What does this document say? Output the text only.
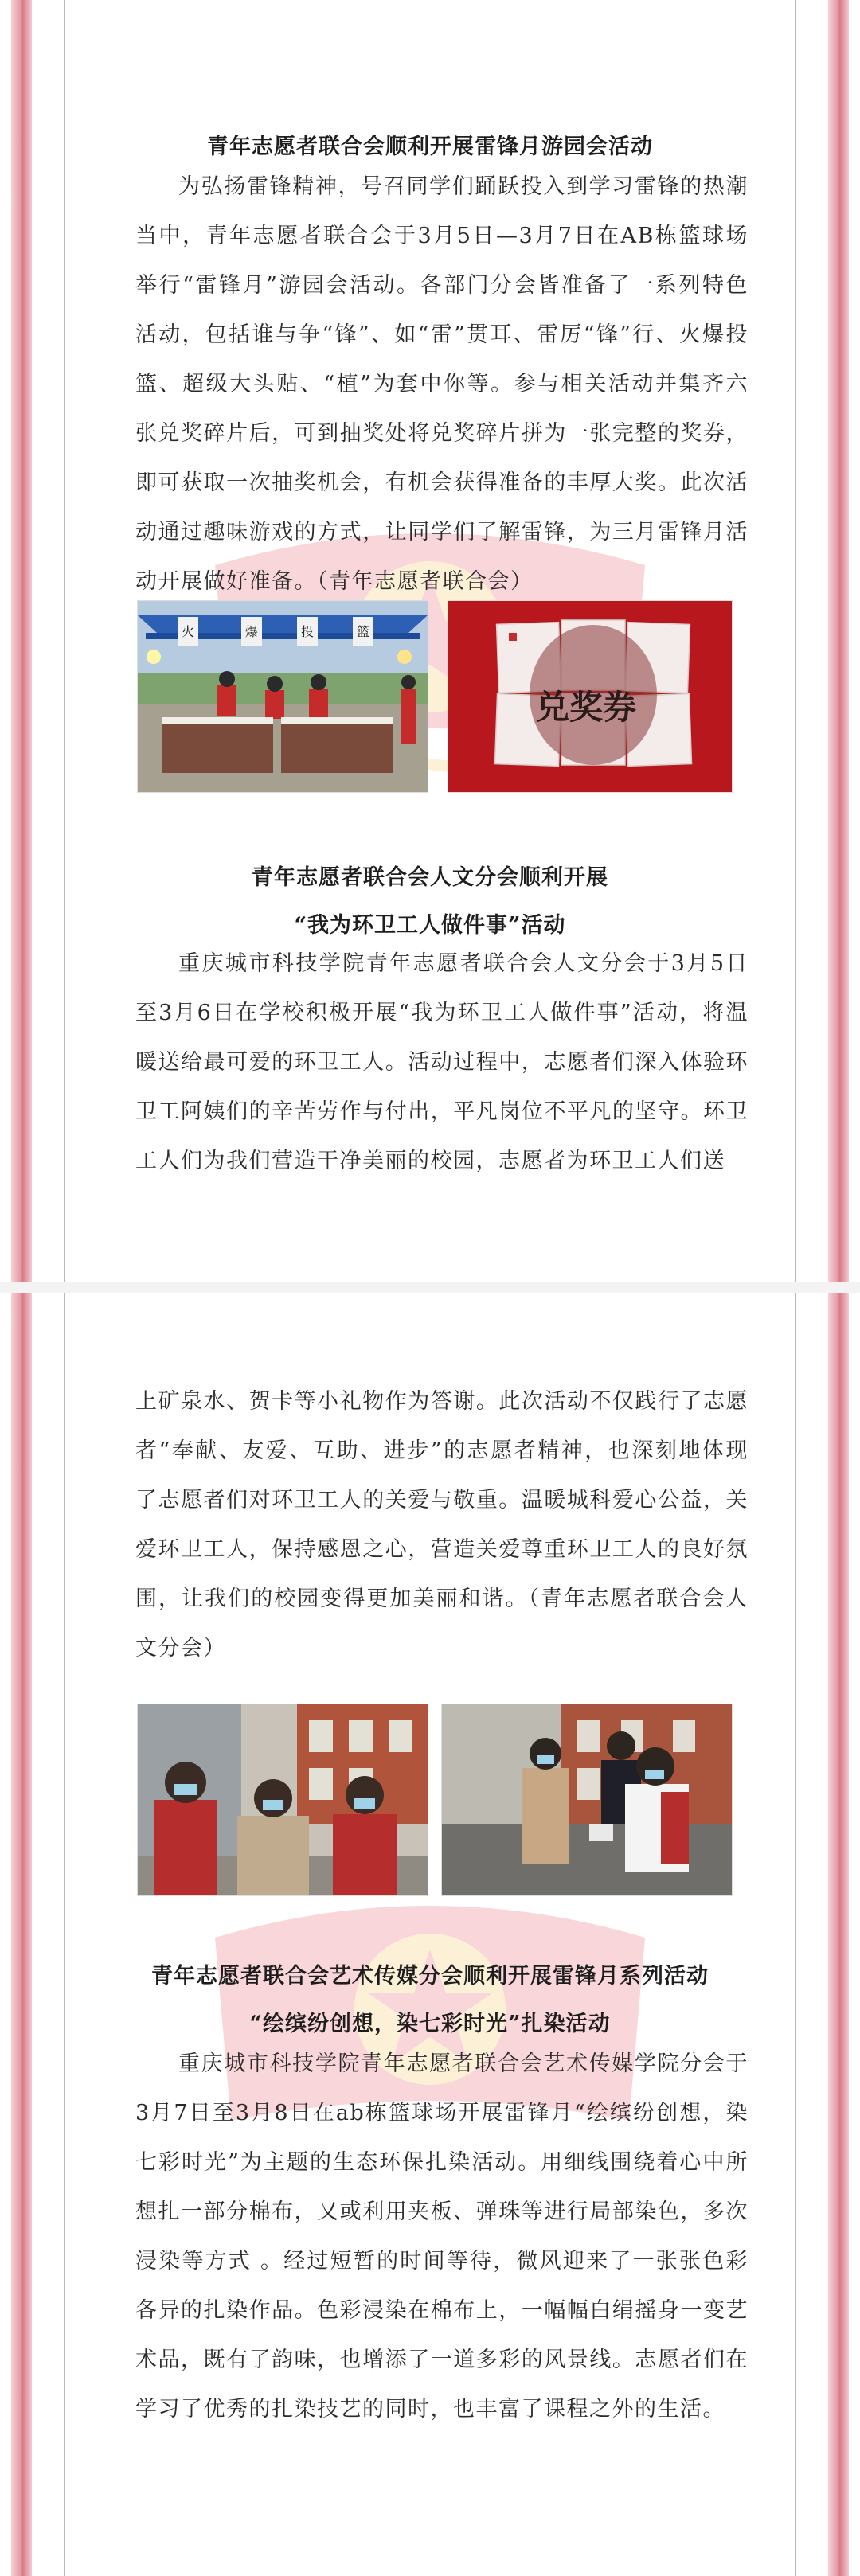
青年志愿者联合会顺利开展雷锋月游园会活动
为弘扬雷锋精神，号召同学们踊跃投入到学习雷锋的热潮当中，青年志愿者联合会于3月5日—3月7日在AB栋篮球场举行“雷锋月”游园会活动。各部门分会皆准备了一系列特色活动，包括谁与争“锋”、如“雷”贯耳、雷厉“锋”行、火爆投篮、超级大头贴、“植”为套中你等。参与相关活动并集齐六张兑奖碎片后，可到抽奖处将兑奖碎片拼为一张完整的奖券，即可获取一次抽奖机会，有机会获得准备的丰厚大奖。此次活动通过趣味游戏的方式，让同学们了解雷锋，为三月雷锋月活动开展做好准备。（青年志愿者联合会）
火	爆	投	篮
兑奖券
青年志愿者联合会人文分会顺利开展
“我为环卫工人做件事”活动
重庆城市科技学院青年志愿者联合会人文分会于3月5日至3月6日在学校积极开展“我为环卫工人做件事”活动，将温暖送给最可爱的环卫工人。活动过程中，志愿者们深入体验环卫工阿姨们的辛苦劳作与付出，平凡岗位不平凡的坚守。环卫工人们为我们营造干净美丽的校园，志愿者为环卫工人们送
上矿泉水、贺卡等小礼物作为答谢。此次活动不仅践行了志愿者“奉献、友爱、互助、进步”的志愿者精神，也深刻地体现了志愿者们对环卫工人的关爱与敬重。温暖城科爱心公益，关爱环卫工人，保持感恩之心，营造关爱尊重环卫工人的良好氛围，让我们的校园变得更加美丽和谐。（青年志愿者联合会人文分会）
青年志愿者联合会艺术传媒分会顺利开展雷锋月系列活动
“绘缤纷创想，染七彩时光”扎染活动
重庆城市科技学院青年志愿者联合会艺术传媒学院分会于3月7日至3月8日在ab栋篮球场开展雷锋月“绘缤纷创想，染七彩时光”为主题的生态环保扎染活动。用细线围绕着心中所想扎一部分棉布，又或利用夹板、弹珠等进行局部染色，多次浸染等方式 。经过短暂的时间等待，微风迎来了一张张色彩各异的扎染作品。色彩浸染在棉布上，一幅幅白绢摇身一变艺术品，既有了韵味，也增添了一道多彩的风景线。志愿者们在学习了优秀的扎染技艺的同时，也丰富了课程之外的生活。
